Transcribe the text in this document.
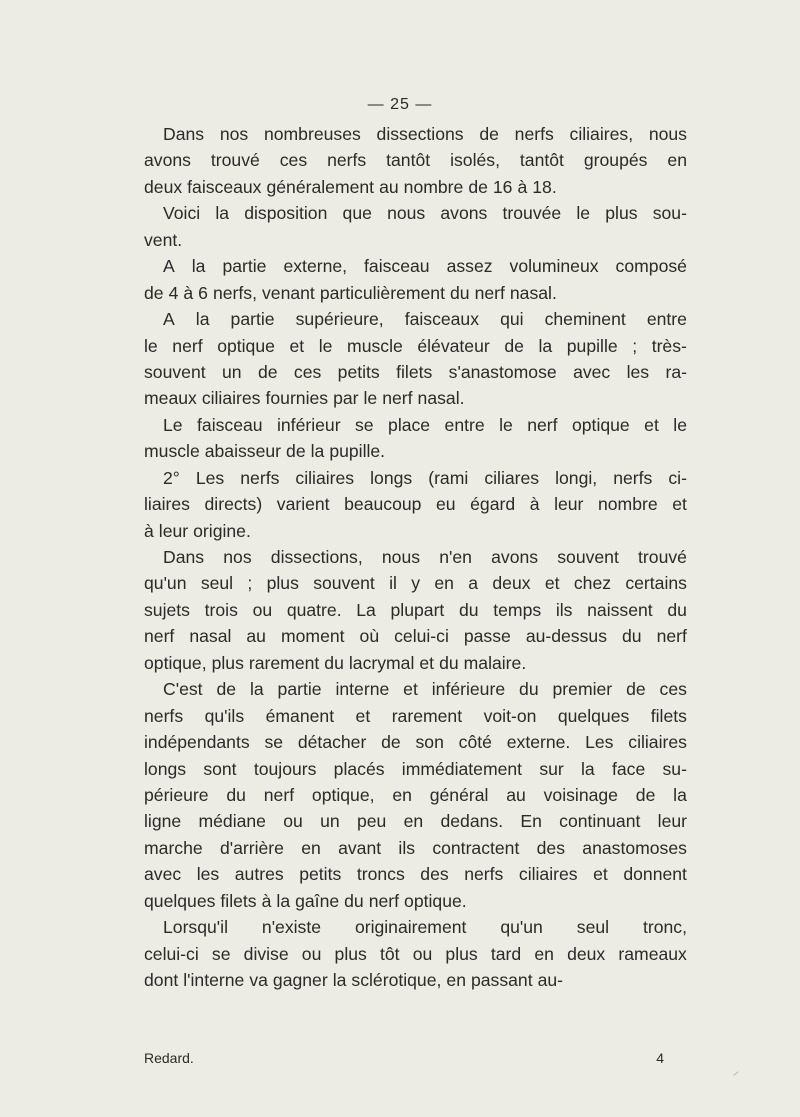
— 25 —
Dans nos nombreuses dissections de nerfs ciliaires, nous
avons trouvé ces nerfs tantôt isolés, tantôt groupés en
deux faisceaux généralement au nombre de 16 à 18.
Voici la disposition que nous avons trouvée le plus sou-
vent.
A la partie externe, faisceau assez volumineux composé
de 4 à 6 nerfs, venant particulièrement du nerf nasal.
A la partie supérieure, faisceaux qui cheminent entre
le nerf optique et le muscle élévateur de la pupille ; très-
souvent un de ces petits filets s'anastomose avec les ra-
meaux ciliaires fournies par le nerf nasal.
Le faisceau inférieur se place entre le nerf optique et le
muscle abaisseur de la pupille.
2° Les nerfs ciliaires longs (rami ciliares longi, nerfs ci-
liaires directs) varient beaucoup eu égard à leur nombre et
à leur origine.
Dans nos dissections, nous n'en avons souvent trouvé
qu'un seul ; plus souvent il y en a deux et chez certains
sujets trois ou quatre. La plupart du temps ils naissent du
nerf nasal au moment où celui-ci passe au-dessus du nerf
optique, plus rarement du lacrymal et du malaire.
C'est de la partie interne et inférieure du premier de ces
nerfs qu'ils émanent et rarement voit-on quelques filets
indépendants se détacher de son côté externe. Les ciliaires
longs sont toujours placés immédiatement sur la face su-
périeure du nerf optique, en général au voisinage de la
ligne médiane ou un peu en dedans. En continuant leur
marche d'arrière en avant ils contractent des anastomoses
avec les autres petits troncs des nerfs ciliaires et donnent
quelques filets à la gaîne du nerf optique.
Lorsqu'il n'existe originairement qu'un seul tronc,
celui-ci se divise ou plus tôt ou plus tard en deux rameaux
dont l'interne va gagner la sclérotique, en passant au-
Redard.	4
